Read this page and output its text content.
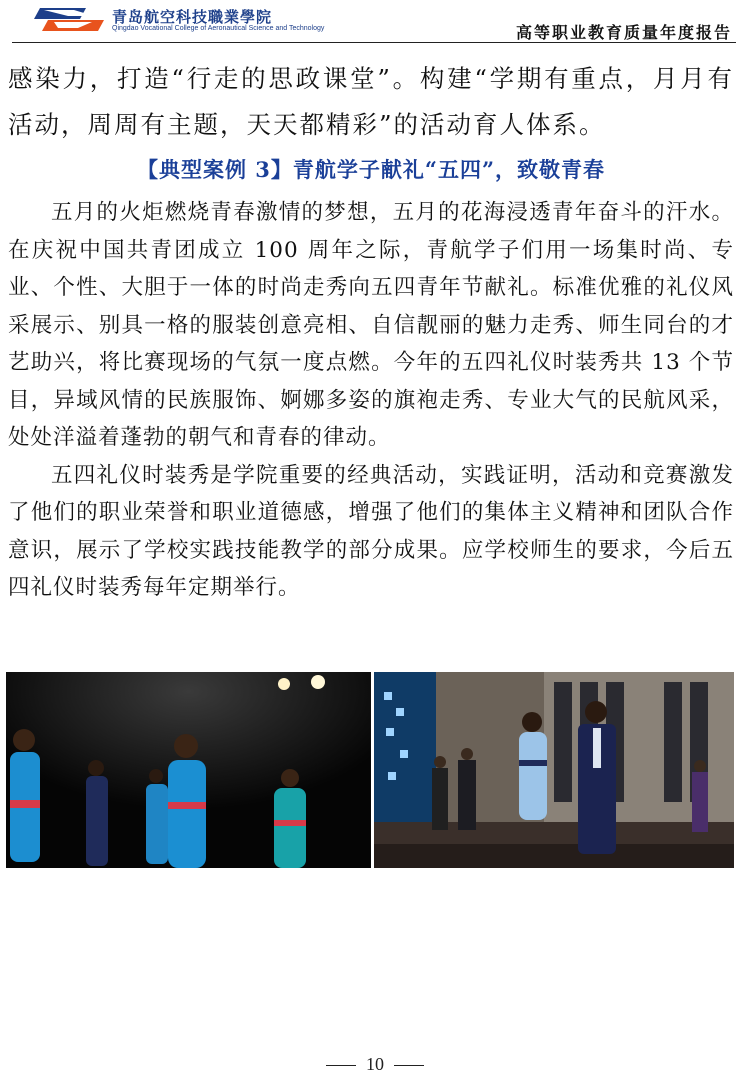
青岛航空科技職業學院
Qingdao Vocational College of Aeronautical Science and Technology	高等职业教育质量年度报告

感染力，打造“行走的思政课堂”。构建“学期有重点，月月有活动，周周有主题，天天都精彩”的活动育人体系。

【典型案例 3】青航学子献礼“五四”，致敬青春

五月的火炬燃烧青春激情的梦想，五月的花海浸透青年奋斗的汗水。在庆祝中国共青团成立 100 周年之际，青航学子们用一场集时尚、专业、个性、大胆于一体的时尚走秀向五四青年节献礼。标准优雅的礼仪风采展示、别具一格的服装创意亮相、自信靓丽的魅力走秀、师生同台的才艺助兴，将比赛现场的气氛一度点燃。今年的五四礼仪时装秀共 13 个节目，异域风情的民族服饰、婀娜多姿的旗袍走秀、专业大气的民航风采，处处洋溢着蓬勃的朝气和青春的律动。

五四礼仪时装秀是学院重要的经典活动，实践证明，活动和竞赛激发了他们的职业荣誉和职业道德感，增强了他们的集体主义精神和团队合作意识，展示了学校实践技能教学的部分成果。应学校师生的要求，今后五四礼仪时装秀每年定期举行。

10
